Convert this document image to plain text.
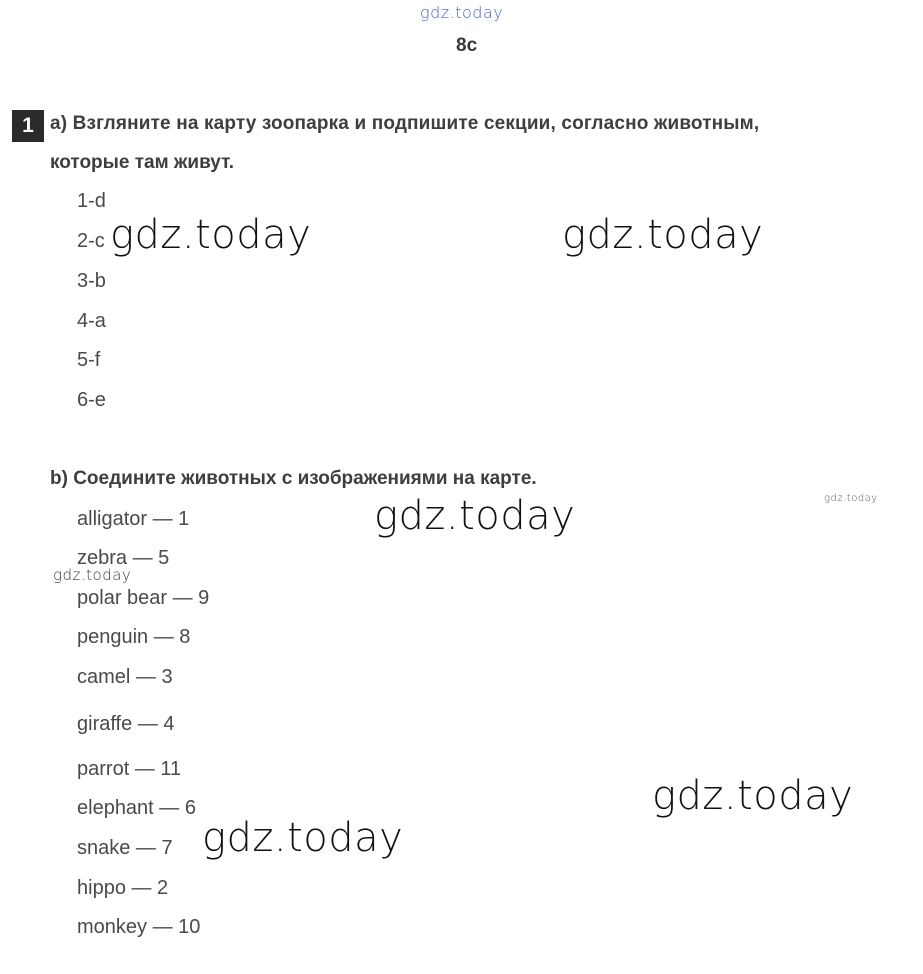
gdz.today
8c
1 a) Взгляните на карту зоопарка и подпишите секции, согласно животным,
которые там живут.
1-d
2-c
3-b
4-a
5-f
6-e
b) Соедините животных с изображениями на карте.
alligator — 1
zebra — 5
polar bear — 9
penguin — 8
camel — 3
giraffe — 4
parrot — 11
elephant — 6
snake — 7
hippo — 2
monkey — 10
gdz.today	gdz.today
gdz.today
gdz.today
gdz.today
gdz.today
gdz.today
